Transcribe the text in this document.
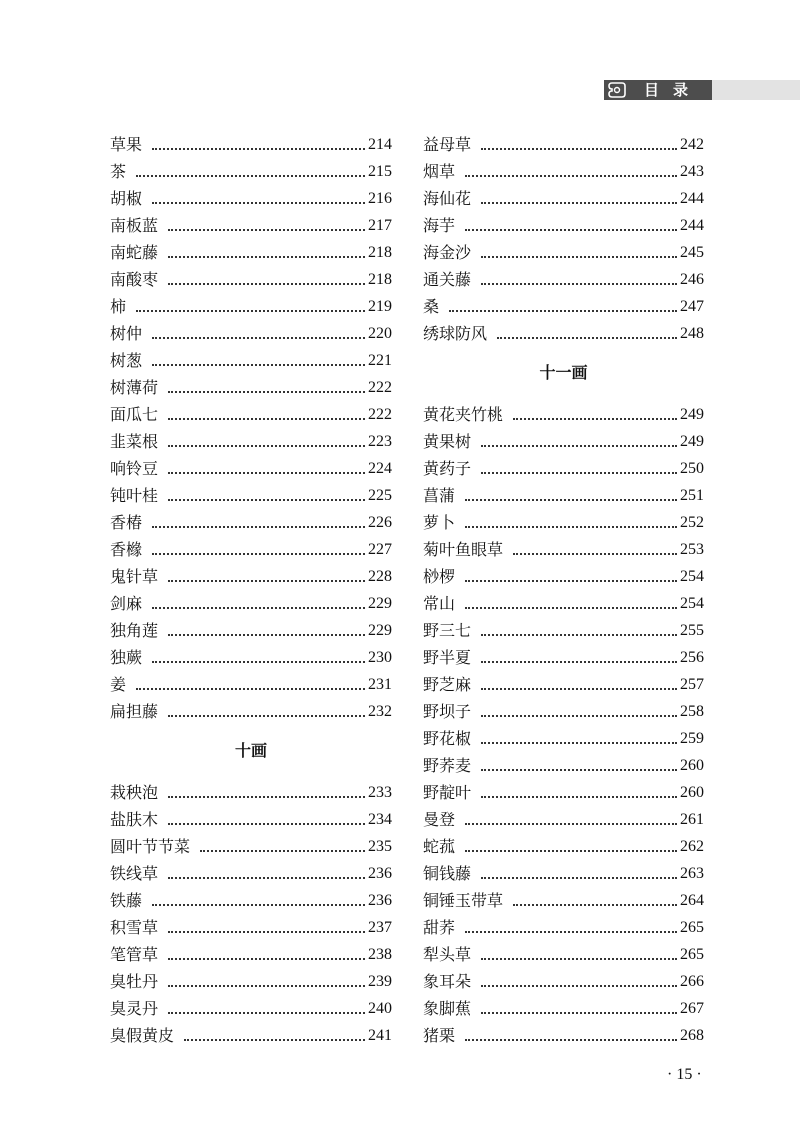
目录
草果	214
茶	215
胡椒	216
南板蓝	217
南蛇藤	218
南酸枣	218
柿	219
树仲	220
树葱	221
树薄荷	222
面瓜七	222
韭菜根	223
响铃豆	224
钝叶桂	225
香椿	226
香橼	227
鬼针草	228
剑麻	229
独角莲	229
独蕨	230
姜	231
扁担藤	232
十画
栽秧泡	233
盐肤木	234
圆叶节节菜	235
铁线草	236
铁藤	236
积雪草	237
笔管草	238
臭牡丹	239
臭灵丹	240
臭假黄皮	241
益母草	242
烟草	243
海仙花	244
海芋	244
海金沙	245
通关藤	246
桑	247
绣球防风	248
十一画
黄花夹竹桃	249
黄果树	249
黄药子	250
菖蒲	251
萝卜	252
菊叶鱼眼草	253
桫椤	254
常山	254
野三七	255
野半夏	256
野芝麻	257
野坝子	258
野花椒	259
野荞麦	260
野靛叶	260
曼登	261
蛇菰	262
铜钱藤	263
铜锤玉带草	264
甜荞	265
犁头草	265
象耳朵	266
象脚蕉	267
猪栗	268
· 15 ·
